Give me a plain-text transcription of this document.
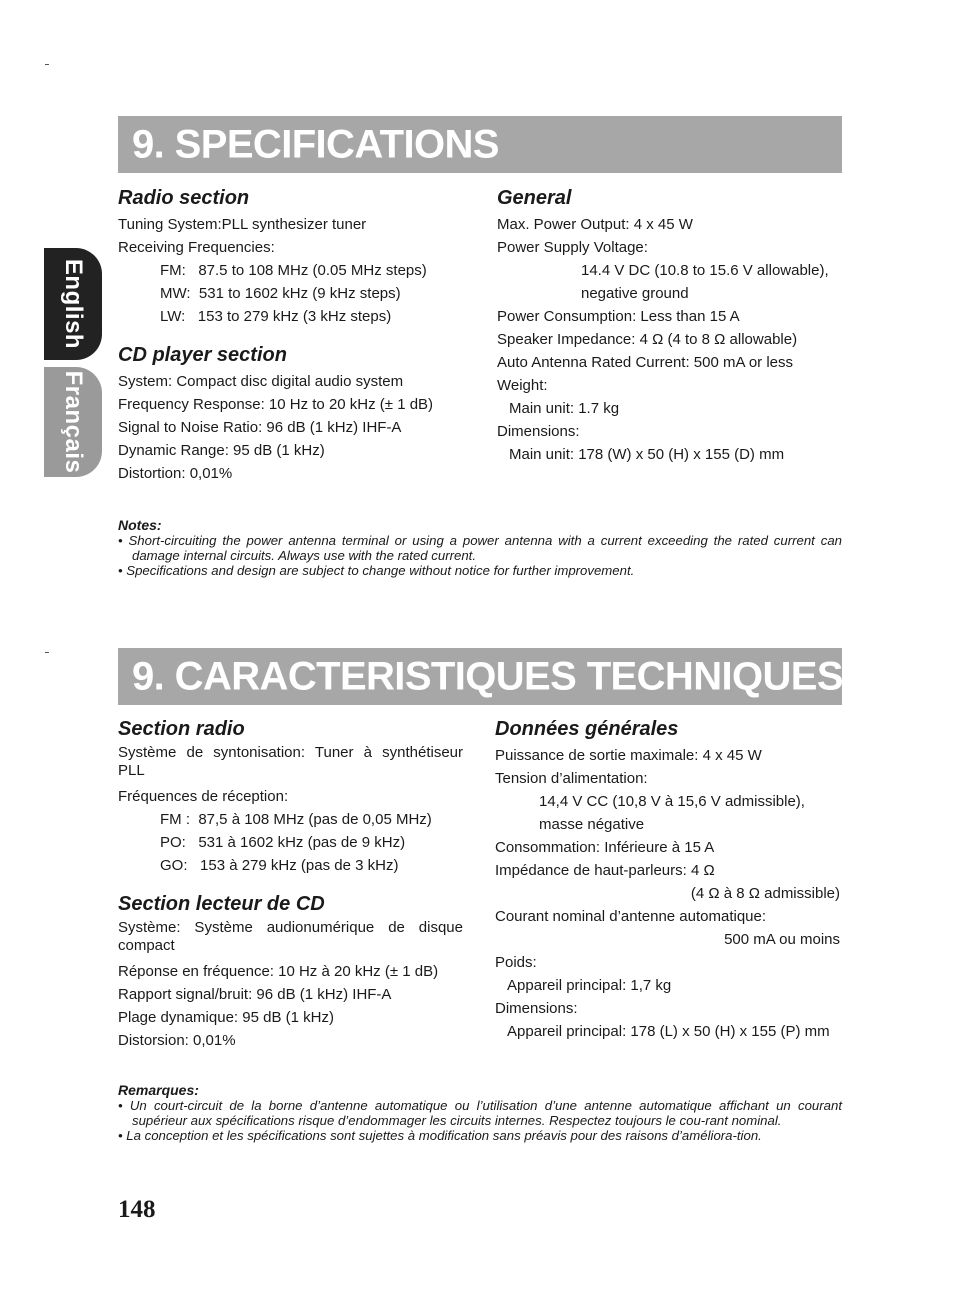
English
Français
9. SPECIFICATIONS
Radio section
Tuning System:PLL synthesizer tuner
Receiving Frequencies:
FM:   87.5 to 108 MHz (0.05 MHz steps)
MW:  531 to 1602 kHz (9 kHz steps)
LW:   153 to 279 kHz (3 kHz steps)
CD player section
System: Compact disc digital audio system
Frequency Response: 10 Hz to 20 kHz (± 1 dB)
Signal to Noise Ratio: 96 dB (1 kHz) IHF-A
Dynamic Range: 95 dB (1 kHz)
Distortion: 0,01%
General
Max. Power Output: 4 x 45 W
Power Supply Voltage:
14.4 V DC (10.8 to 15.6 V allowable),
negative ground
Power Consumption: Less than 15 A
Speaker Impedance: 4 Ω (4 to 8 Ω allowable)
Auto Antenna Rated Current: 500 mA or less
Weight:
Main unit: 1.7 kg
Dimensions:
Main unit: 178 (W) x 50 (H) x 155 (D) mm
Notes:
• Short-circuiting the power antenna terminal or using a power antenna with a current exceeding the rated current can damage internal circuits. Always use with the rated current.
• Specifications and design are subject to change without notice for further improvement.
9. CARACTERISTIQUES TECHNIQUES
Section radio
Système de syntonisation: Tuner à synthétiseur PLL
Fréquences de réception:
FM :  87,5 à 108 MHz (pas de 0,05 MHz)
PO:   531 à 1602 kHz (pas de 9 kHz)
GO:   153 à 279 kHz (pas de 3 kHz)
Section lecteur de CD
Système: Système audionumérique de disque compact
Réponse en fréquence: 10 Hz à 20 kHz (± 1 dB)
Rapport signal/bruit: 96 dB (1 kHz) IHF-A
Plage dynamique: 95 dB (1 kHz)
Distorsion: 0,01%
Données générales
Puissance de sortie maximale: 4 x 45 W
Tension d’alimentation:
14,4 V CC (10,8 V à 15,6 V admissible),
masse négative
Consommation: Inférieure à 15 A
Impédance de haut-parleurs: 4 Ω
(4 Ω à 8 Ω admissible)
Courant nominal d’antenne automatique:
500 mA ou moins
Poids:
Appareil principal: 1,7 kg
Dimensions:
Appareil principal: 178 (L) x 50 (H) x 155 (P) mm
Remarques:
• Un court-circuit de la borne d’antenne automatique ou l’utilisation d’une antenne automatique affichant un courant supérieur aux spécifications risque d’endommager les circuits internes. Respectez toujours le cou-rant nominal.
• La conception et les spécifications sont sujettes à modification sans préavis pour des raisons d’améliora-tion.
148
